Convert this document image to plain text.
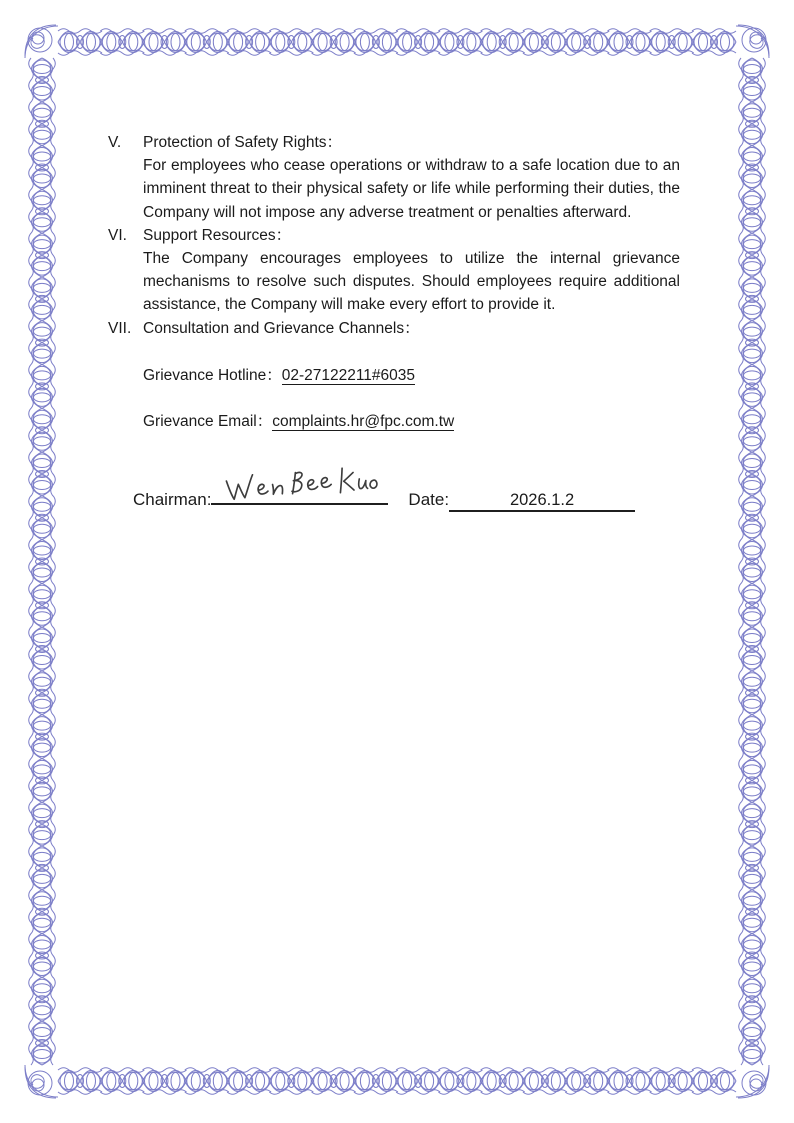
V.	Protection of Safety Rights：
For employees who cease operations or withdraw to a safe location due to an imminent threat to their physical safety or life while performing their duties, the Company will not impose any adverse treatment or penalties afterward.
VI.	Support Resources：
The Company encourages employees to utilize the internal grievance mechanisms to resolve such disputes. Should employees require additional assistance, the Company will make every effort to provide it.
VII. Consultation and Grievance Channels：
Grievance Hotline：02-27122211#6035
Grievance Email：complaints.hr@fpc.com.tw
Chairman:	Date:	2026.1.2
